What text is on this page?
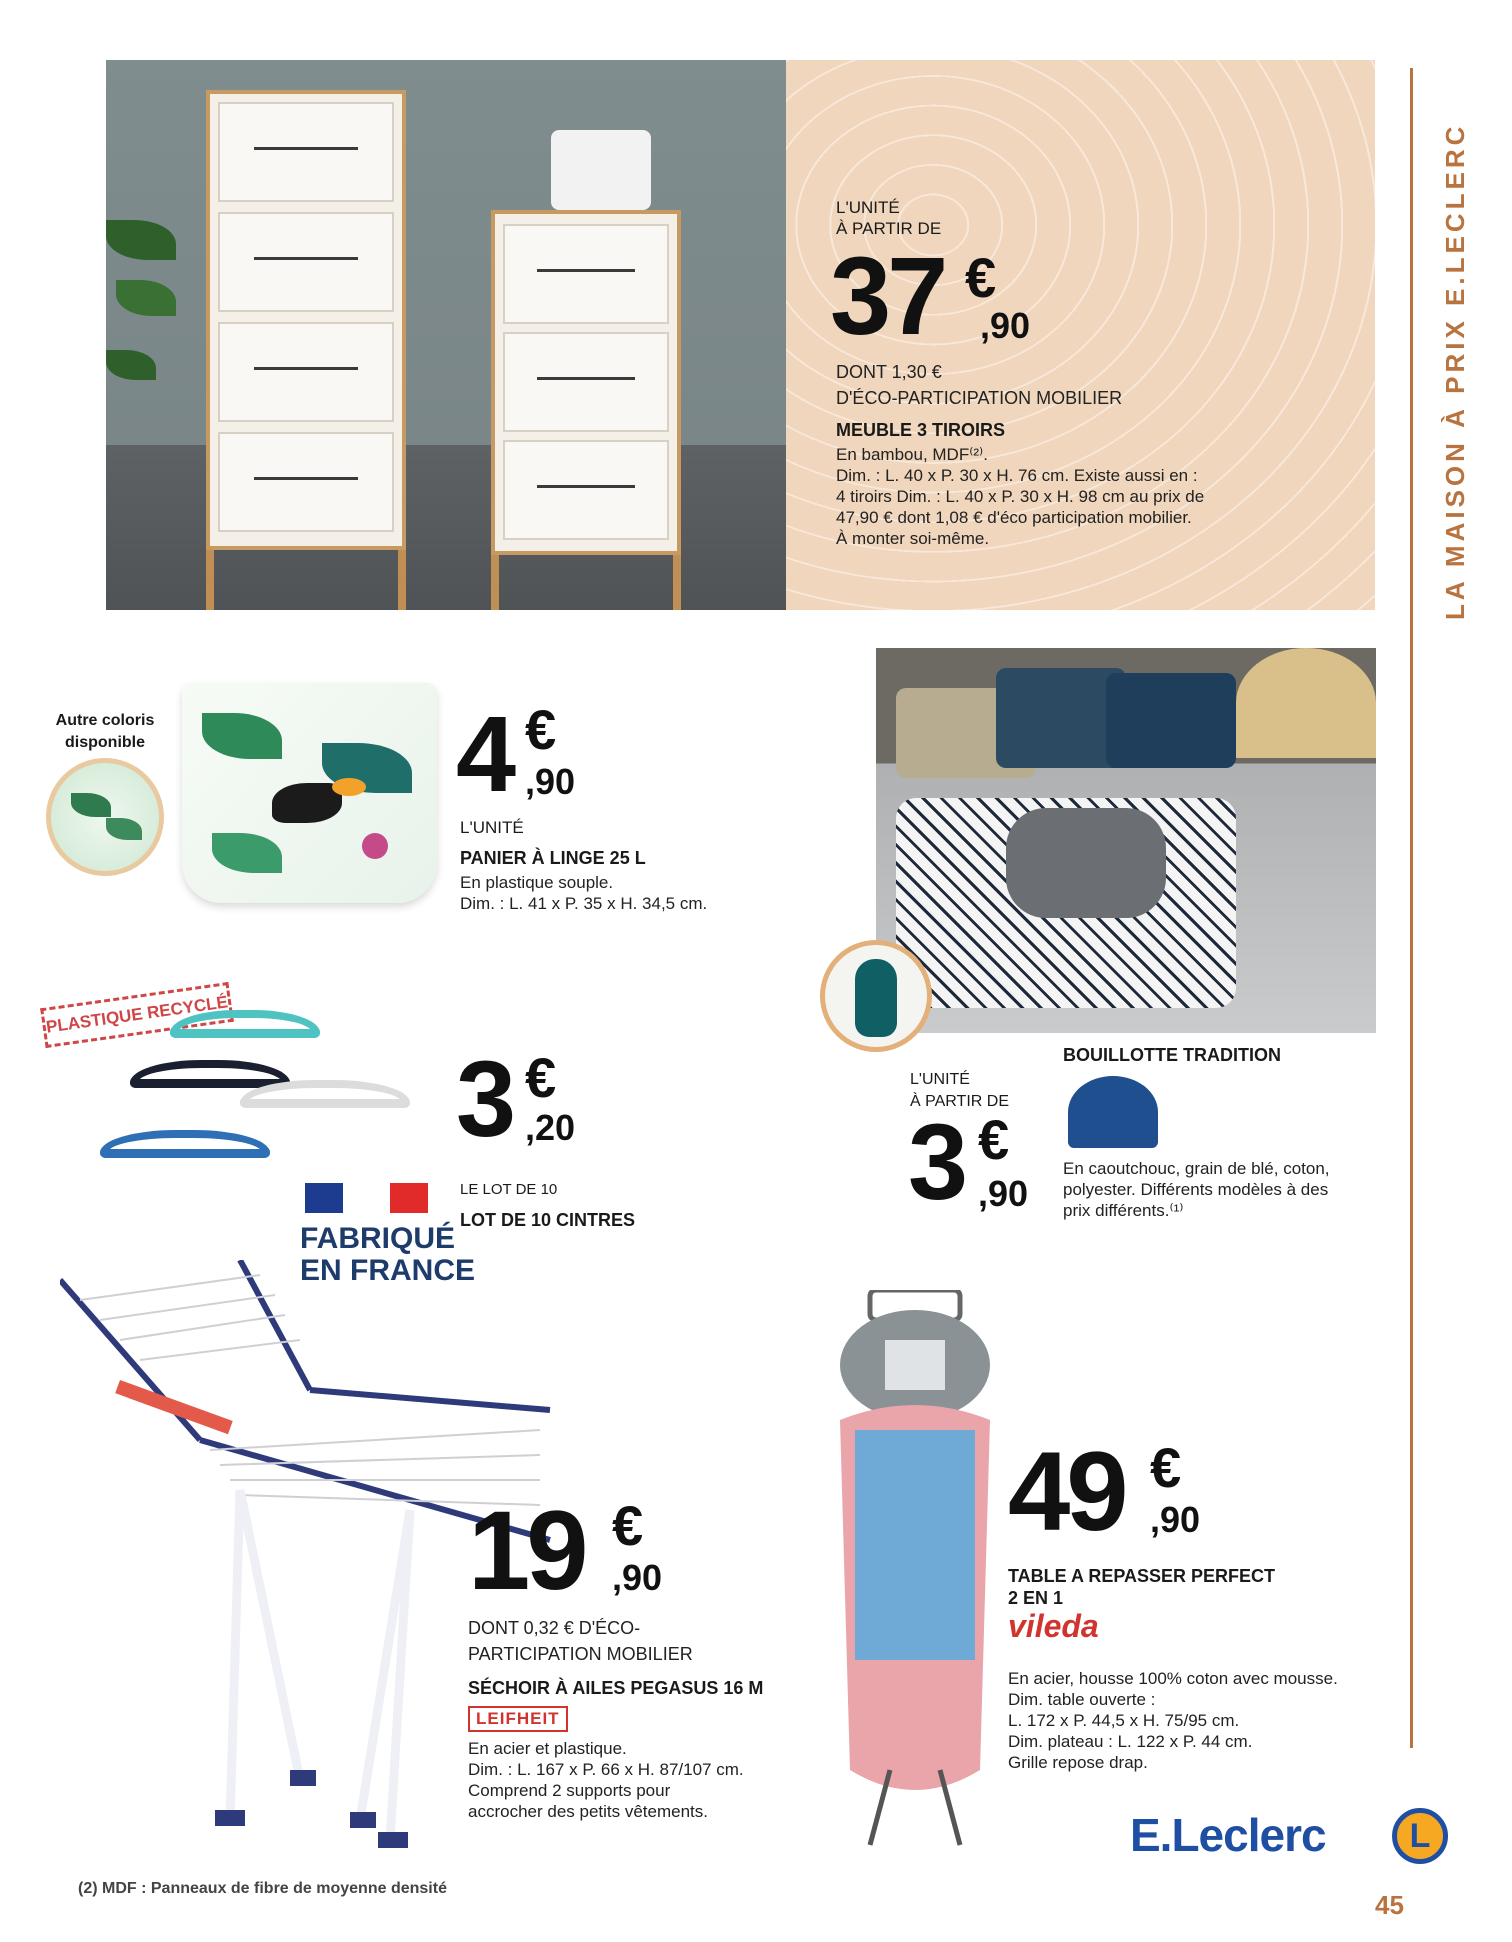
LA MAISON À PRIX E.LECLERC
L'UNITÉ
À PARTIR DE
37 €
,90
DONT 1,30 €
D'ÉCO-PARTICIPATION MOBILIER
MEUBLE 3 TIROIRS
En bambou, MDF⁽²⁾.
Dim. : L. 40 x P. 30 x H. 76 cm. Existe aussi en :
4 tiroirs Dim. : L. 40 x P. 30 x H. 98 cm au prix de
47,90 € dont 1,08 € d'éco participation mobilier.
À monter soi-même.
Autre coloris
disponible	4 €
,90
L'UNITÉ
PANIER À LINGE 25 L
En plastique souple.
Dim. : L. 41 x P. 35 x H. 34,5 cm.
PLASTIQUE RECYCLÉ
3 €
,20
LE LOT DE 10
LOT DE 10 CINTRES
FABRIQUÉ
EN FRANCE
19 €
,90
DONT 0,32 € D'ÉCO-
PARTICIPATION MOBILIER
SÉCHOIR À AILES PEGASUS 16 M
LEIFHEIT
En acier et plastique.
Dim. : L. 167 x P. 66 x H. 87/107 cm.
Comprend 2 supports pour
accrocher des petits vêtements.
BOUILLOTTE TRADITION
L'UNITÉ
À PARTIR DE
3 €
,90
ELEPHANT
En caoutchouc, grain de blé, coton,
polyester. Différents modèles à des
prix différents.⁽¹⁾
49 €
,90
TABLE A REPASSER PERFECT
2 EN 1
vileda
En acier, housse 100% coton avec mousse.
Dim. table ouverte :
L. 172 x P. 44,5 x H. 75/95 cm.
Dim. plateau : L. 122 x P. 44 cm.
Grille repose drap.
(2) MDF : Panneaux de fibre de moyenne densité
E.Leclerc	L
45
